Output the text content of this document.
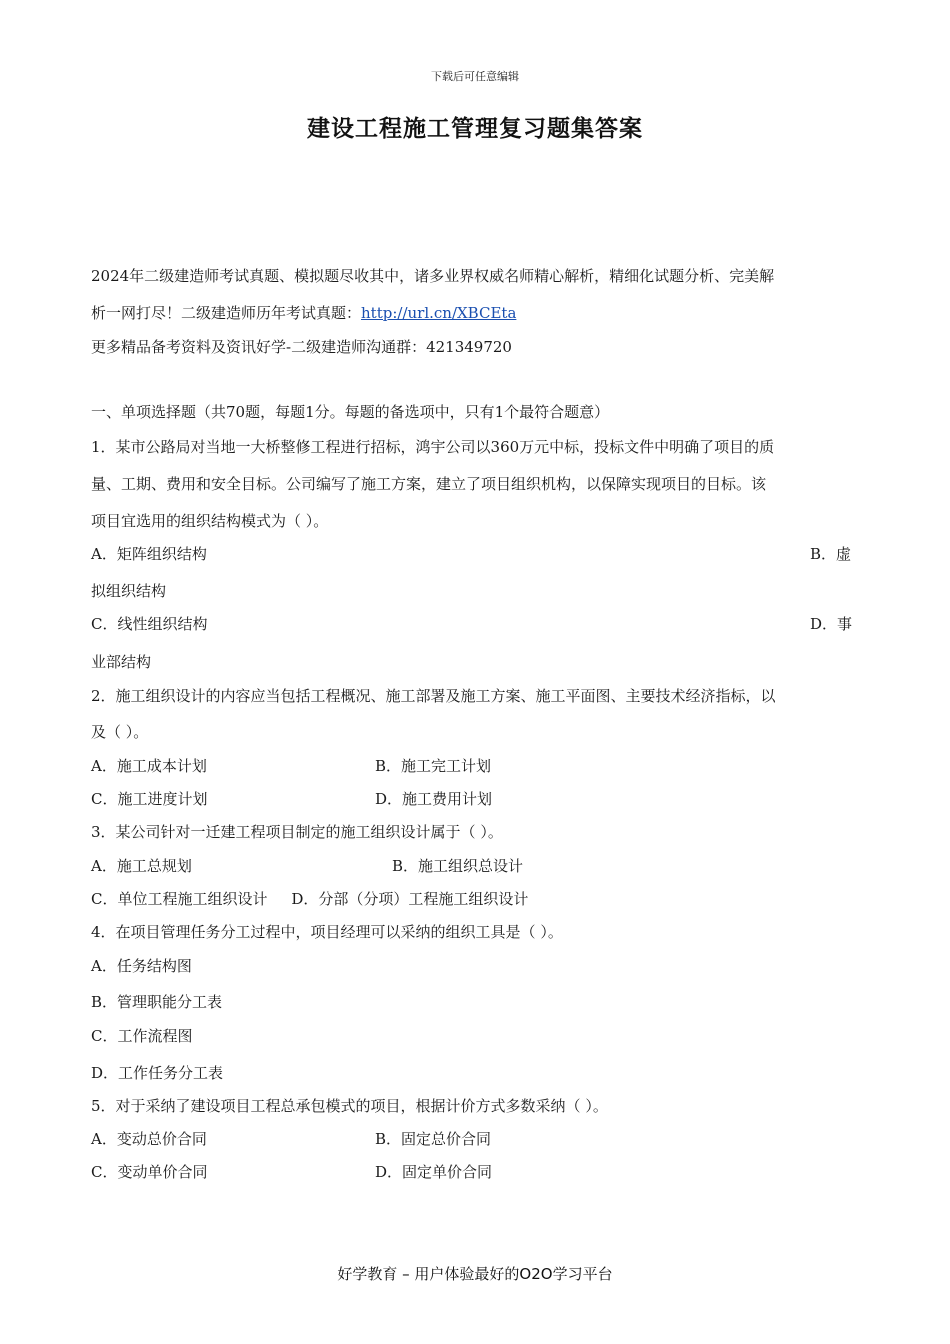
下载后可任意编辑
建设工程施工管理复习题集答案
2024年二级建造师考试真题、模拟题尽收其中，诸多业界权威名师精心解析，精细化试题分析、完美解
析一网打尽！二级建造师历年考试真题：http://url.cn/XBCEta
更多精品备考资料及资讯好学-二级建造师沟通群：421349720
一、单项选择题（共70题，每题1分。每题的备选项中，只有1个最符合题意）
1．某市公路局对当地一大桥整修工程进行招标，鸿宇公司以360万元中标，投标文件中明确了项目的质
量、工期、费用和安全目标。公司编写了施工方案，建立了项目组织机构，以保障实现项目的目标。该
项目宜选用的组织结构模式为（ ）。
A．矩阵组织结构	B．虚
拟组织结构
C．线性组织结构	D．事
业部结构
2．施工组织设计的内容应当包括工程概况、施工部署及施工方案、施工平面图、主要技术经济指标，以
及（ ）。
A．施工成本计划	B．施工完工计划
C．施工进度计划	D．施工费用计划
3．某公司针对一迁建工程项目制定的施工组织设计属于（ ）。
A．施工总规划	B．施工组织总设计
C．单位工程施工组织设计     D．分部（分项）工程施工组织设计
4．在项目管理任务分工过程中，项目经理可以采纳的组织工具是（ ）。
A．任务结构图
B．管理职能分工表
C．工作流程图
D．工作任务分工表
5．对于采纳了建设项目工程总承包模式的项目，根据计价方式多数采纳（ ）。
A．变动总价合同	B．固定总价合同
C．变动单价合同	D．固定单价合同
好学教育 – 用户体验最好的O2O学习平台
